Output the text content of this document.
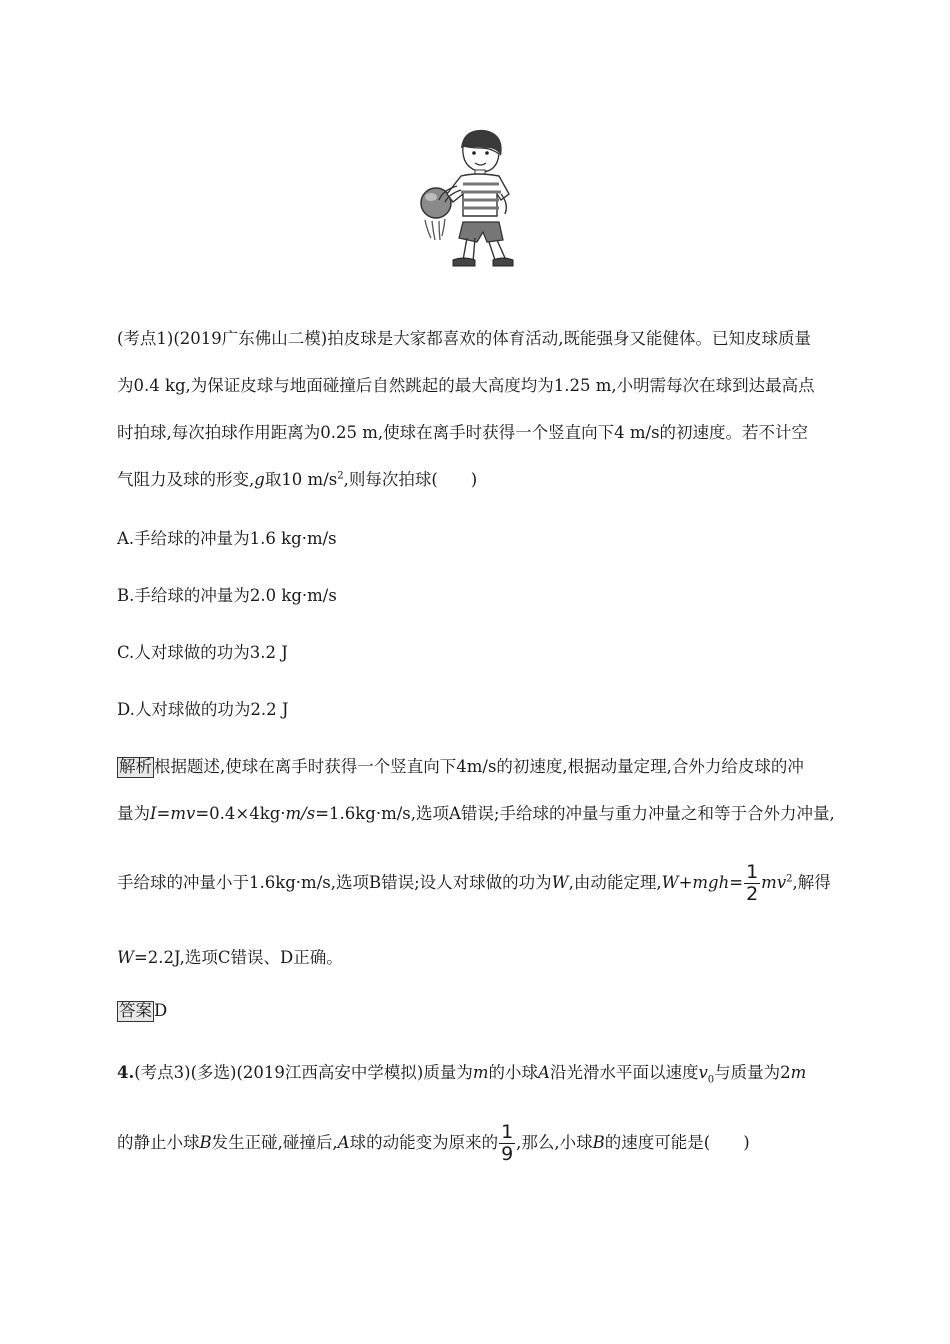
(考点1)(2019广东佛山二模)拍皮球是大家都喜欢的体育活动,既能强身又能健体。已知皮球质量
为0.4 kg,为保证皮球与地面碰撞后自然跳起的最大高度均为1.25 m,小明需每次在球到达最高点
时拍球,每次拍球作用距离为0.25 m,使球在离手时获得一个竖直向下4 m/s的初速度。若不计空
气阻力及球的形变,g取10 $m/s^2$,则每次拍球(　　)
A.手给球的冲量为1.6 kg·m/s
B.手给球的冲量为2.0 kg·m/s
C.人对球做的功为3.2 J
D.人对球做的功为2.2 J
解析 根据题述,使球在离手时获得一个竖直向下4m/s的初速度,根据动量定理,合外力给皮球的冲
量为I=mv=0.4×4kg·m/s=1.6kg·m/s,选项A错误;手给球的冲量与重力冲量之和等于合外力冲量,
手给球的冲量小于1.6kg·m/s,选项B错误;设人对球做的功为W,由动能定理$,W+mgh= \frac{1}{2} mv^2$,解得
W=2.2J,选项C错误、D正确。
答案 D
4.(考点3)(多选)(2019江西高安中学模拟)质量为m的小球A沿光滑水平面以速度$v_0$与质量为2m
的静止小球B发生正碰,碰撞后,A球的动能变为原来的 $\frac{1}{9}$ ,那么,小球B的速度可能是(　　)
